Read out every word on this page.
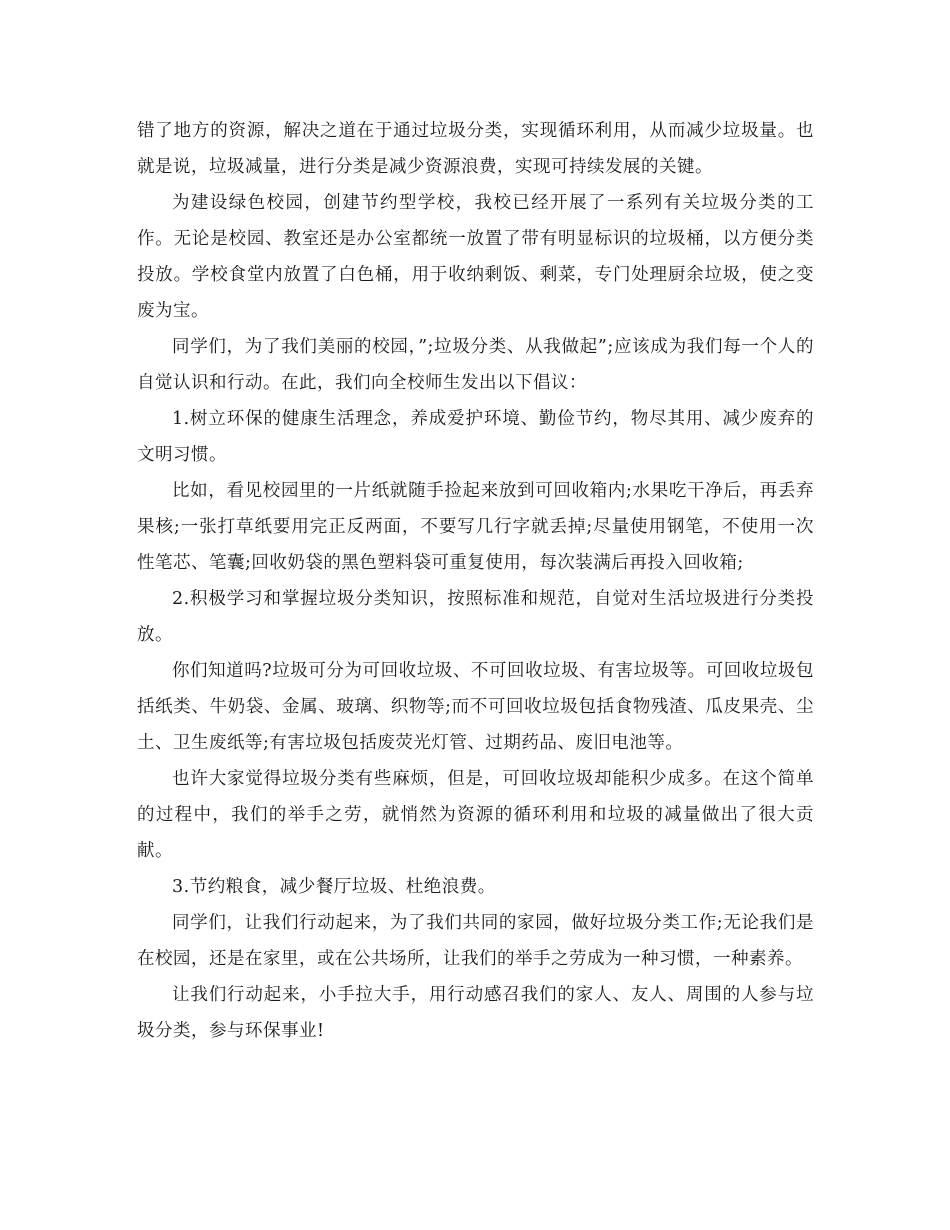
错了地方的资源，解决之道在于通过垃圾分类，实现循环利用，从而减少垃圾量。也就是说，垃圾减量，进行分类是减少资源浪费，实现可持续发展的关键。

为建设绿色校园，创建节约型学校，我校已经开展了一系列有关垃圾分类的工作。无论是校园、教室还是办公室都统一放置了带有明显标识的垃圾桶，以方便分类投放。学校食堂内放置了白色桶，用于收纳剩饭、剩菜，专门处理厨余垃圾，使之变废为宝。

同学们，为了我们美丽的校园，”;垃圾分类、从我做起”;应该成为我们每一个人的自觉认识和行动。在此，我们向全校师生发出以下倡议：

1.树立环保的健康生活理念，养成爱护环境、勤俭节约，物尽其用、减少废弃的文明习惯。

比如，看见校园里的一片纸就随手捡起来放到可回收箱内;水果吃干净后，再丢弃果核;一张打草纸要用完正反两面，不要写几行字就丢掉;尽量使用钢笔，不使用一次性笔芯、笔囊;回收奶袋的黑色塑料袋可重复使用，每次装满后再投入回收箱;

2.积极学习和掌握垃圾分类知识，按照标准和规范，自觉对生活垃圾进行分类投放。

你们知道吗?垃圾可分为可回收垃圾、不可回收垃圾、有害垃圾等。可回收垃圾包括纸类、牛奶袋、金属、玻璃、织物等;而不可回收垃圾包括食物残渣、瓜皮果壳、尘土、卫生废纸等;有害垃圾包括废荧光灯管、过期药品、废旧电池等。

也许大家觉得垃圾分类有些麻烦，但是，可回收垃圾却能积少成多。在这个简单的过程中，我们的举手之劳，就悄然为资源的循环利用和垃圾的减量做出了很大贡献。

3.节约粮食，减少餐厅垃圾、杜绝浪费。

同学们，让我们行动起来，为了我们共同的家园，做好垃圾分类工作;无论我们是在校园，还是在家里，或在公共场所，让我们的举手之劳成为一种习惯，一种素养。

让我们行动起来，小手拉大手，用行动感召我们的家人、友人、周围的人参与垃圾分类，参与环保事业!
